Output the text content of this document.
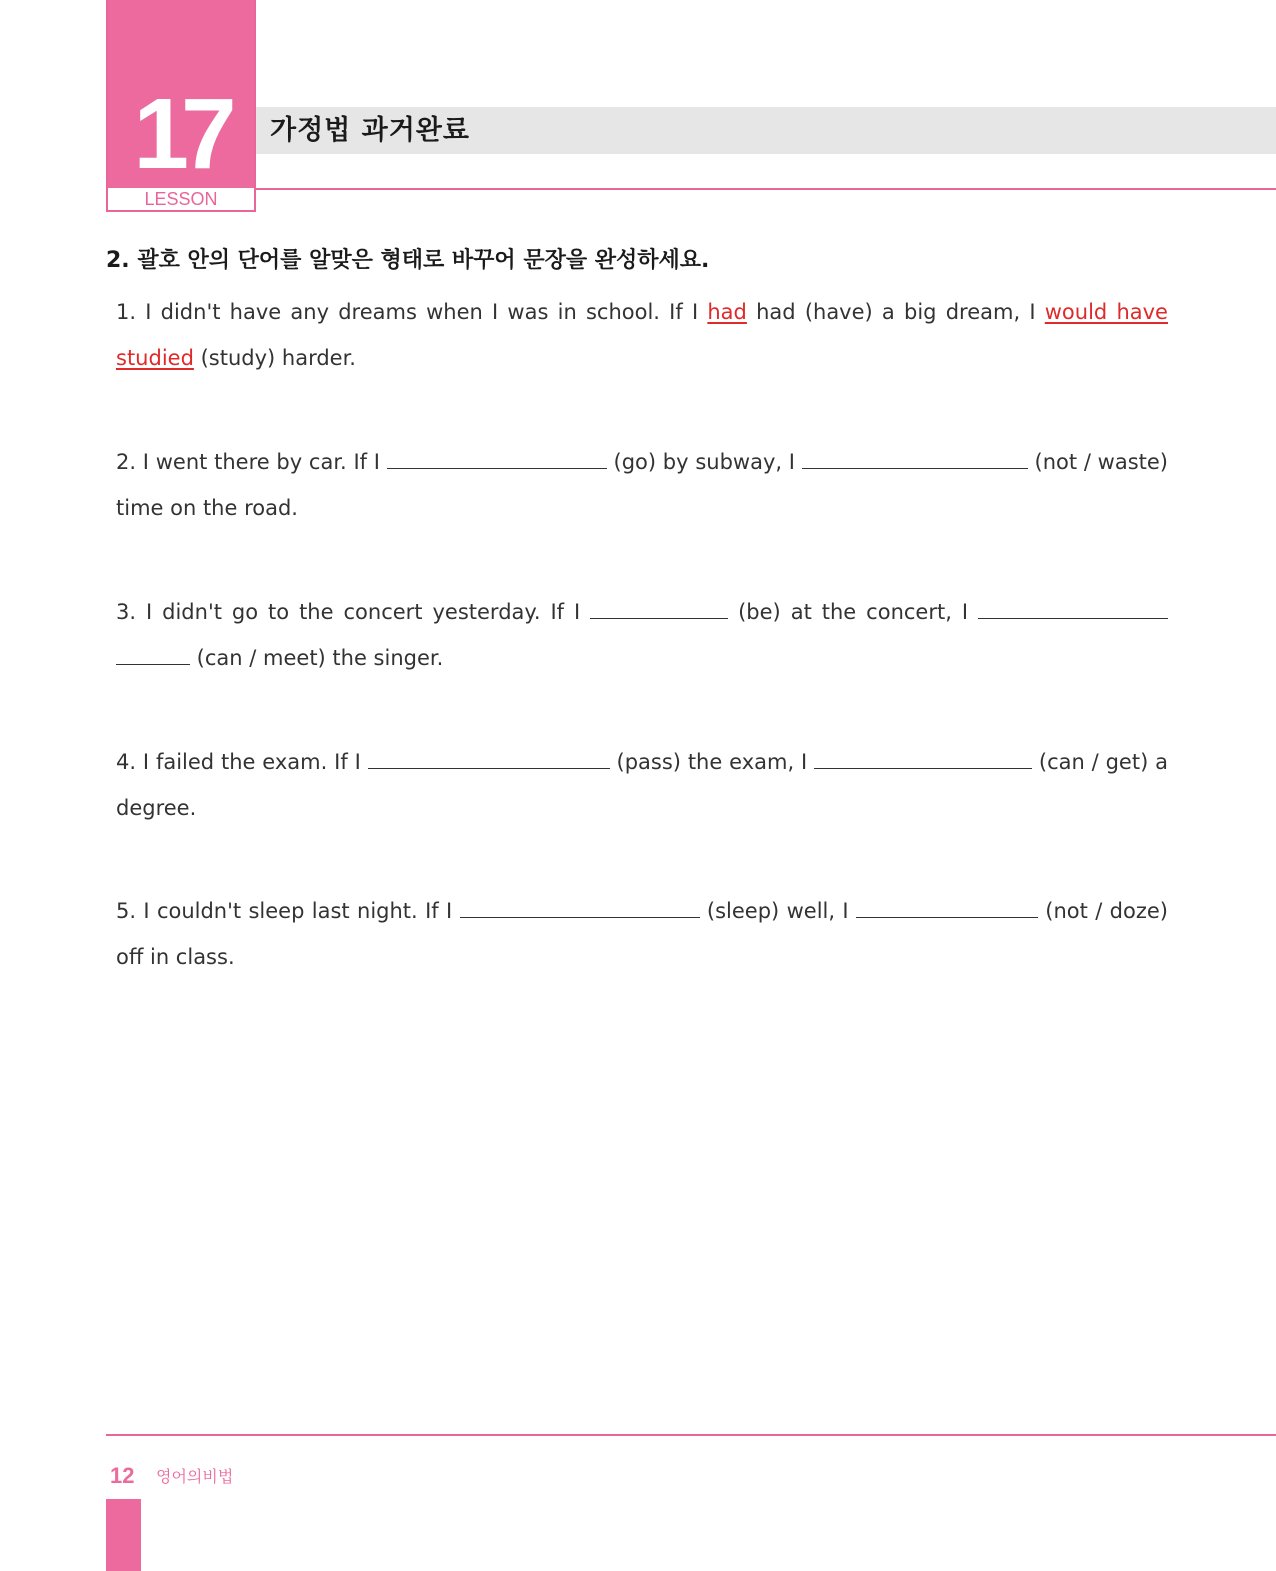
17
LESSON
가정법 과거완료
2. 괄호 안의 단어를 알맞은 형태로 바꾸어 문장을 완성하세요.
1. I didn't have any dreams when I was in school. If I had had (have) a big dream, I would have studied (study) harder.
2. I went there by car. If I	(go) by subway, I	(not / waste) time on the road.
3. I didn't go to the concert yesterday. If I	(be) at the concert, I   (can / meet) the singer.
4. I failed the exam. If I	(pass) the exam, I	(can / get) a degree.
5. I couldn't sleep last night. If I	(sleep) well, I	(not / doze) off in class.
12 영어의비법
